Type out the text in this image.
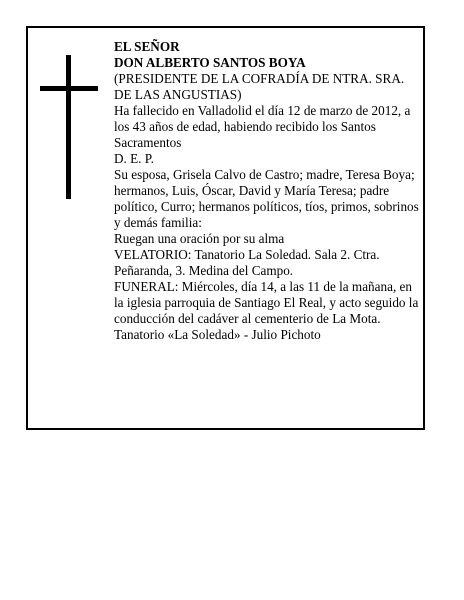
EL SEÑOR

DON ALBERTO SANTOS BOYA

(PRESIDENTE DE LA COFRADÍA DE NTRA. SRA. DE LAS ANGUSTIAS)

Ha fallecido en Valladolid el día 12 de marzo de 2012, a los 43 años de edad, habiendo recibido los Santos Sacramentos

D. E. P.

Su esposa, Grisela Calvo de Castro; madre, Teresa Boya; hermanos, Luis, Óscar, David y María Teresa; padre político, Curro; hermanos políticos, tíos, primos, sobrinos y demás familia:

Ruegan una oración por su alma

VELATORIO: Tanatorio La Soledad. Sala 2. Ctra. Peñaranda, 3. Medina del Campo.

FUNERAL: Miércoles, día 14, a las 11 de la mañana, en la iglesia parroquia de Santiago El Real, y acto seguido la conducción del cadáver al cementerio de La Mota.

Tanatorio «La Soledad» - Julio Pichoto
